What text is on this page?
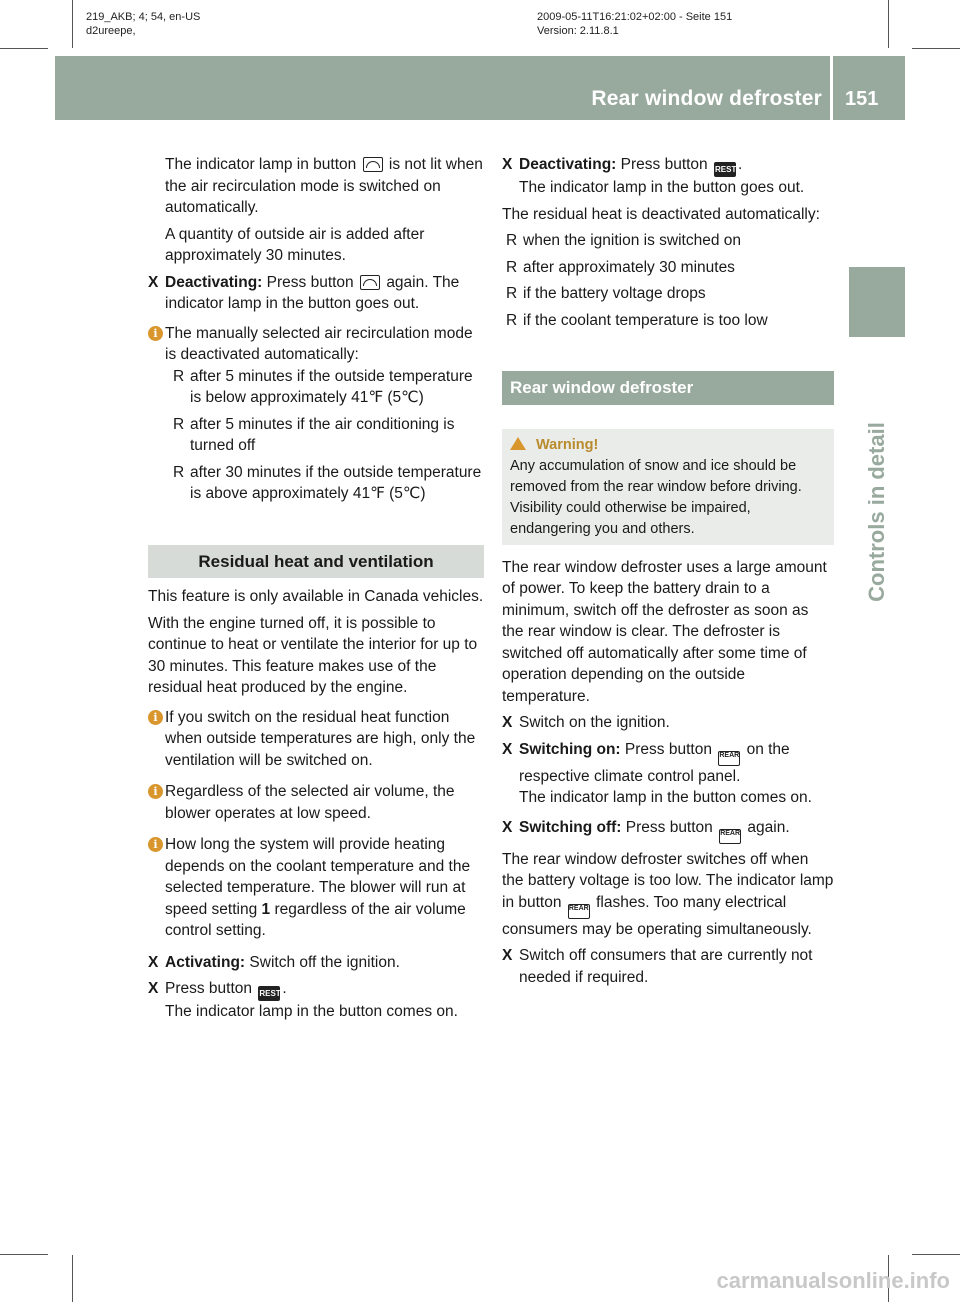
219_AKB; 4; 54, en-US
d2ureepe,
2009-05-11T16:21:02+02:00 - Seite 151
Version: 2.11.8.1
Rear window defroster 151
Controls in detail

The indicator lamp in button is not lit when the air recirculation mode is switched on automatically.

A quantity of outside air is added after approximately 30 minutes.

X Deactivating: Press button again. The indicator lamp in the button goes out.
i The manually selected air recirculation mode is deactivated automatically:
R after 5 minutes if the outside temperature is below approximately 41℉ (5℃)
R after 5 minutes if the air conditioning is turned off
R after 30 minutes if the outside temperature is above approximately 41℉ (5℃)
Residual heat and ventilation

This feature is only available in Canada vehicles.

With the engine turned off, it is possible to continue to heat or ventilate the interior for up to 30 minutes. This feature makes use of the residual heat produced by the engine.

i If you switch on the residual heat function when outside temperatures are high, only the ventilation will be switched on.
i Regardless of the selected air volume, the blower operates at low speed.
i How long the system will provide heating depends on the coolant temperature and the selected temperature. The blower will run at speed setting 1 regardless of the air volume control setting.
X Activating: Switch off the ignition.
X Press button REST .
The indicator lamp in the button comes on.
X Deactivating: Press button REST .
The indicator lamp in the button goes out.

The residual heat is deactivated automatically:

R when the ignition is switched on
R after approximately 30 minutes
R if the battery voltage drops
R if the coolant temperature is too low
Rear window defroster
Warning!
Any accumulation of snow and ice should be removed from the rear window before driving. Visibility could otherwise be impaired, endangering you and others.

The rear window defroster uses a large amount of power. To keep the battery drain to a minimum, switch off the defroster as soon as the rear window is clear. The defroster is switched off automatically after some time of operation depending on the outside temperature.

X Switch on the ignition.
X Switching on: Press button REAR on the respective climate control panel.
The indicator lamp in the button comes on.
X Switching off: Press button REAR again.

The rear window defroster switches off when the battery voltage is too low. The indicator lamp in button REAR flashes. Too many electrical consumers may be operating simultaneously.

X Switch off consumers that are currently not needed if required.
carmanualsonline.info
